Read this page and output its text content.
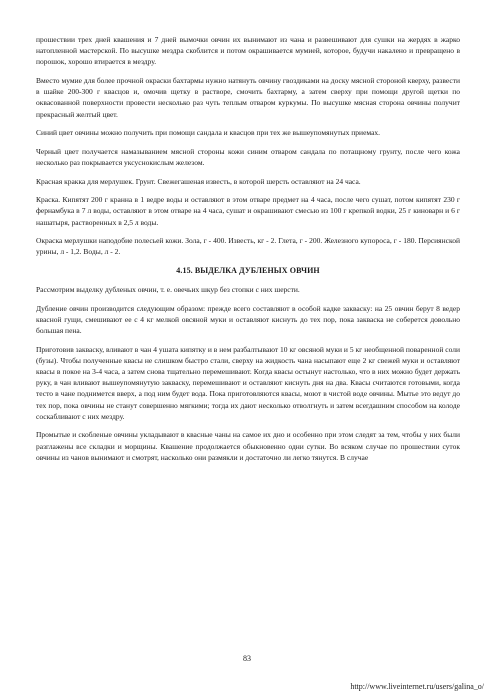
прошествии трех дней квашения и 7 дней вымочки овчин их вынимают из чана и развешивают для сушки на жердях в жарко натопленной мастерской. По высушке мездра скоблится и потом окрашивается мумией, которое, будучи накалено и превращено в порошок, хорошо втирается в мездру.

Вместо мумие для более прочной окраски бахтармы нужно натянуть овчину гвоздиками на доску мясной стороной кверху, развести в шайке 200-300 г квасцов и, омочив щетку в растворе, смочить бахтарму, а затем сверху при помощи другой щетки по оквасованной поверхности провести несколько раз чуть теплым отваром куркумы. По высушке мясная сторона овчины получит прекрасный желтый цвет.

Синий цвет овчины можно получить при помощи сандала и квасцов при тех же вышеупомянутых приемах.

Черный цвет получается намазыванием мясной стороны кожи синим отваром сандала по потащному грунту, после чего кожа несколько раз покрывается уксуснокислым железом.

Красная кракка для мерлушек. Грунт. Свежегашеная известь, в которой шерсть оставляют на 24 часа.

Краска. Кипятят 200 г кранна в 1 ведре воды и оставляют в этом отваре предмет на 4 часа, после чего сушат, потом кипятят 230 г фернамбука в 7 л воды, оставляют в этом отваре на 4 часа, сушат и окрашивают смесью из 100 г крепкой водки, 25 г киноварн и 6 г нашатыря, растворенных в 2,5 л воды.

Окраска мерлушки наподобие полесьей кожи. Зола, г - 400. Известь, кг - 2. Глета, г - 200. Железного купороса, г - 180. Персиянской урины, л - 1,2. Воды, л - 2.

4.15. ВЫДЕЛКА ДУБЛЕНЫХ ОВЧИН

Рассмотрим выделку дубленых овчин, т. е. овечьих шкур без стопки с них шерсти.

Дубление овчин производится следующим образом: прежде всего составляют в особой кадке закваску: на 25 овчин берут 8 ведер квасной гущи, смешивают ее с 4 кг мелкой овсяной муки и оставляют киснуть до тех пор, пока закваска не соберется довольно большая пена.

Приготовив закваску, вливают в чан 4 ушата кипятку и в нем разбалтывают 10 кг овсяной муки и 5 кг необщенной поваренной соли (бузы). Чтобы полученные квасы не слишком быстро стали, сверху на жидкость чана насыпают еще 2 кг свежей муки и оставляют квасы в покое на 3-4 часа, а затем снова тщательно перемешивают. Когда квасы остынут настолько, что в них можно будет держать руку, в чан вливают вышеупомянутую закваску, перемешивают и оставляют киснуть дня на два. Квасы считаются готовыми, когда тесто в чане поднимется вверх, а под ним будет вода. Пока приготовляются квасы, моют в чистой воде овчины. Мытье это ведут до тех пор, пока овчины не станут совершенно мягкими; тогда их дают несколько отволгнуть и затем всегдашним способом на колоде соскабливают с них мездру.

Промытые и скобленые овчины укладывают в квасные чаны на самое их дно и особенно при этом следят за тем, чтобы у них были разглажены все складки и морщины. Квашение продолжается обыкновенно одни сутки. Во всяком случае по прошествии суток овчины из чанов вынимают и смотрят, насколько они размякли и достаточно ли легко тянутся. В случае

83
http://www.liveinternet.ru/users/galina_o/
